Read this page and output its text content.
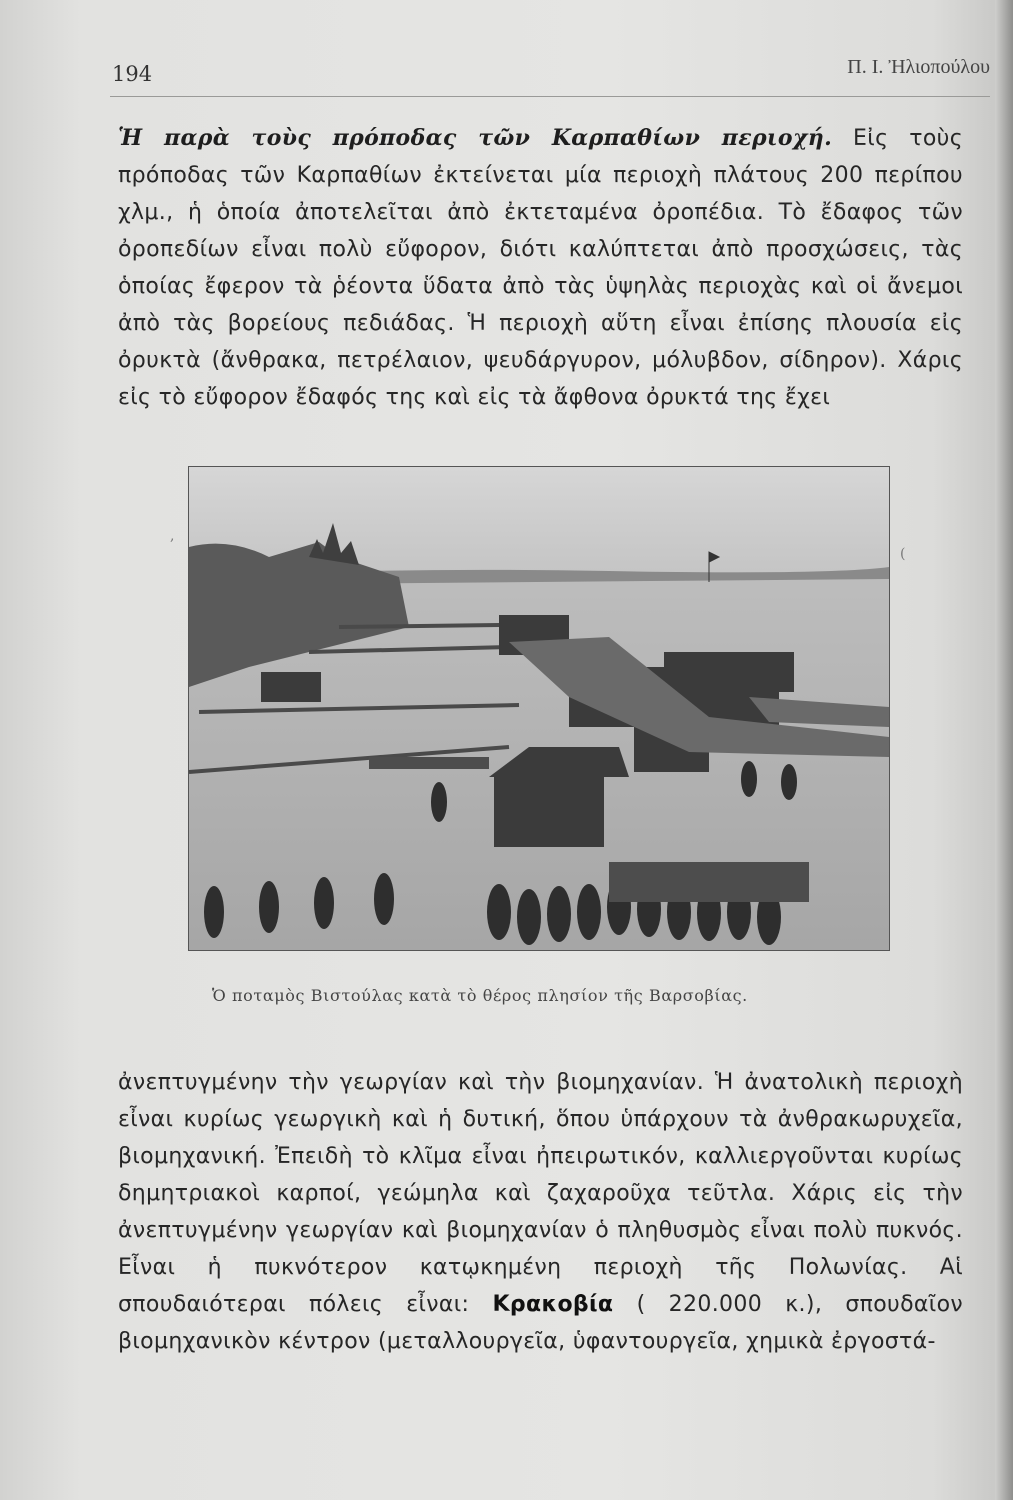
194	Π. Ι. Ἠλιοπούλου

Ἡ παρὰ τοὺς πρόποδας τῶν Καρπαθίων περιοχή. Εἰς τοὺς πρόποδας τῶν Καρπαθίων ἐκτείνεται μία περιοχὴ πλάτους 200 περίπου χλμ., ἡ ὁποία ἀποτελεῖται ἀπὸ ἐκτεταμένα ὀροπέδια. Τὸ ἔδαφος τῶν ὀροπεδίων εἶναι πολὺ εὔφορον, διότι καλύπτεται ἀπὸ προσχώσεις, τὰς ὁποίας ἔφερον τὰ ῥέοντα ὕδατα ἀπὸ τὰς ὑψηλὰς περιοχὰς καὶ οἱ ἄνεμοι ἀπὸ τὰς βορείους πεδιάδας. Ἡ περιοχὴ αὕτη εἶναι ἐπίσης πλουσία εἰς ὀρυκτὰ (ἄνθρακα, πετρέλαιον, ψευδάργυρον, μόλυβδον, σίδηρον). Χάρις εἰς τὸ εὔφορον ἔδαφός της καὶ εἰς τὰ ἄφθονα ὀρυκτά της ἔχει

,
(

Ὁ ποταμὸς Βιστούλας κατὰ τὸ θέρος πλησίον τῆς Βαρσοβίας.

ἀνεπτυγμένην τὴν γεωργίαν καὶ τὴν βιομηχανίαν. Ἡ ἀνατολικὴ περιοχὴ εἶναι κυρίως γεωργικὴ καὶ ἡ δυτική, ὅπου ὑπάρχουν τὰ ἀνθρακωρυχεῖα, βιομηχανική. Ἐπειδὴ τὸ κλῖμα εἶναι ἠπειρωτικόν, καλλιεργοῦνται κυρίως δημητριακοὶ καρποί, γεώμηλα καὶ ζαχαροῦχα τεῦτλα. Χάρις εἰς τὴν ἀνεπτυγμένην γεωργίαν καὶ βιομηχανίαν ὁ πληθυσμὸς εἶναι πολὺ πυκνός. Εἶναι ἡ πυκνότερον κατῳκημένη περιοχὴ τῆς Πολωνίας. Αἱ σπουδαιότεραι πόλεις εἶναι: Κρακοβία ( 220.000 κ.), σπουδαῖον βιομηχανικὸν κέντρον (μεταλλουργεῖα, ὑφαντουργεῖα, χημικὰ ἐργοστά-
